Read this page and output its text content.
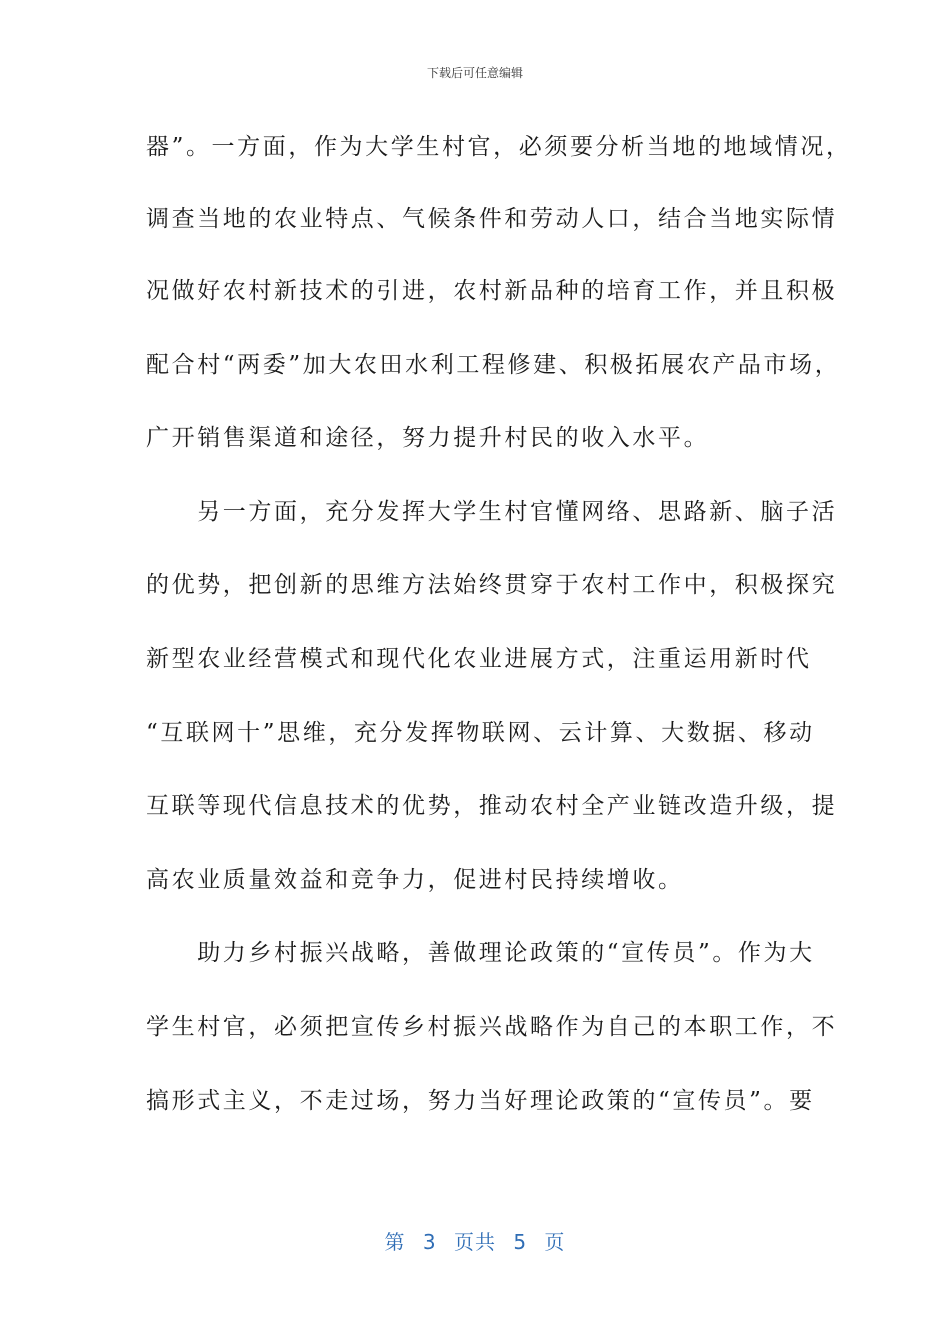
下载后可任意编辑
器”。一方面，作为大学生村官，必须要分析当地的地域情况，
调查当地的农业特点、气候条件和劳动人口，结合当地实际情
况做好农村新技术的引进，农村新品种的培育工作，并且积极
配合村“两委”加大农田水利工程修建、积极拓展农产品市场，
广开销售渠道和途径，努力提升村民的收入水平。
　　另一方面，充分发挥大学生村官懂网络、思路新、脑子活
的优势，把创新的思维方法始终贯穿于农村工作中，积极探究
新型农业经营模式和现代化农业进展方式，注重运用新时代
“互联网十”思维，充分发挥物联网、云计算、大数据、移动
互联等现代信息技术的优势，推动农村全产业链改造升级，提
高农业质量效益和竞争力，促进村民持续增收。
　　助力乡村振兴战略，善做理论政策的“宣传员”。作为大
学生村官，必须把宣传乡村振兴战略作为自己的本职工作，不
搞形式主义，不走过场，努力当好理论政策的“宣传员”。要
第 3 页共 5 页
